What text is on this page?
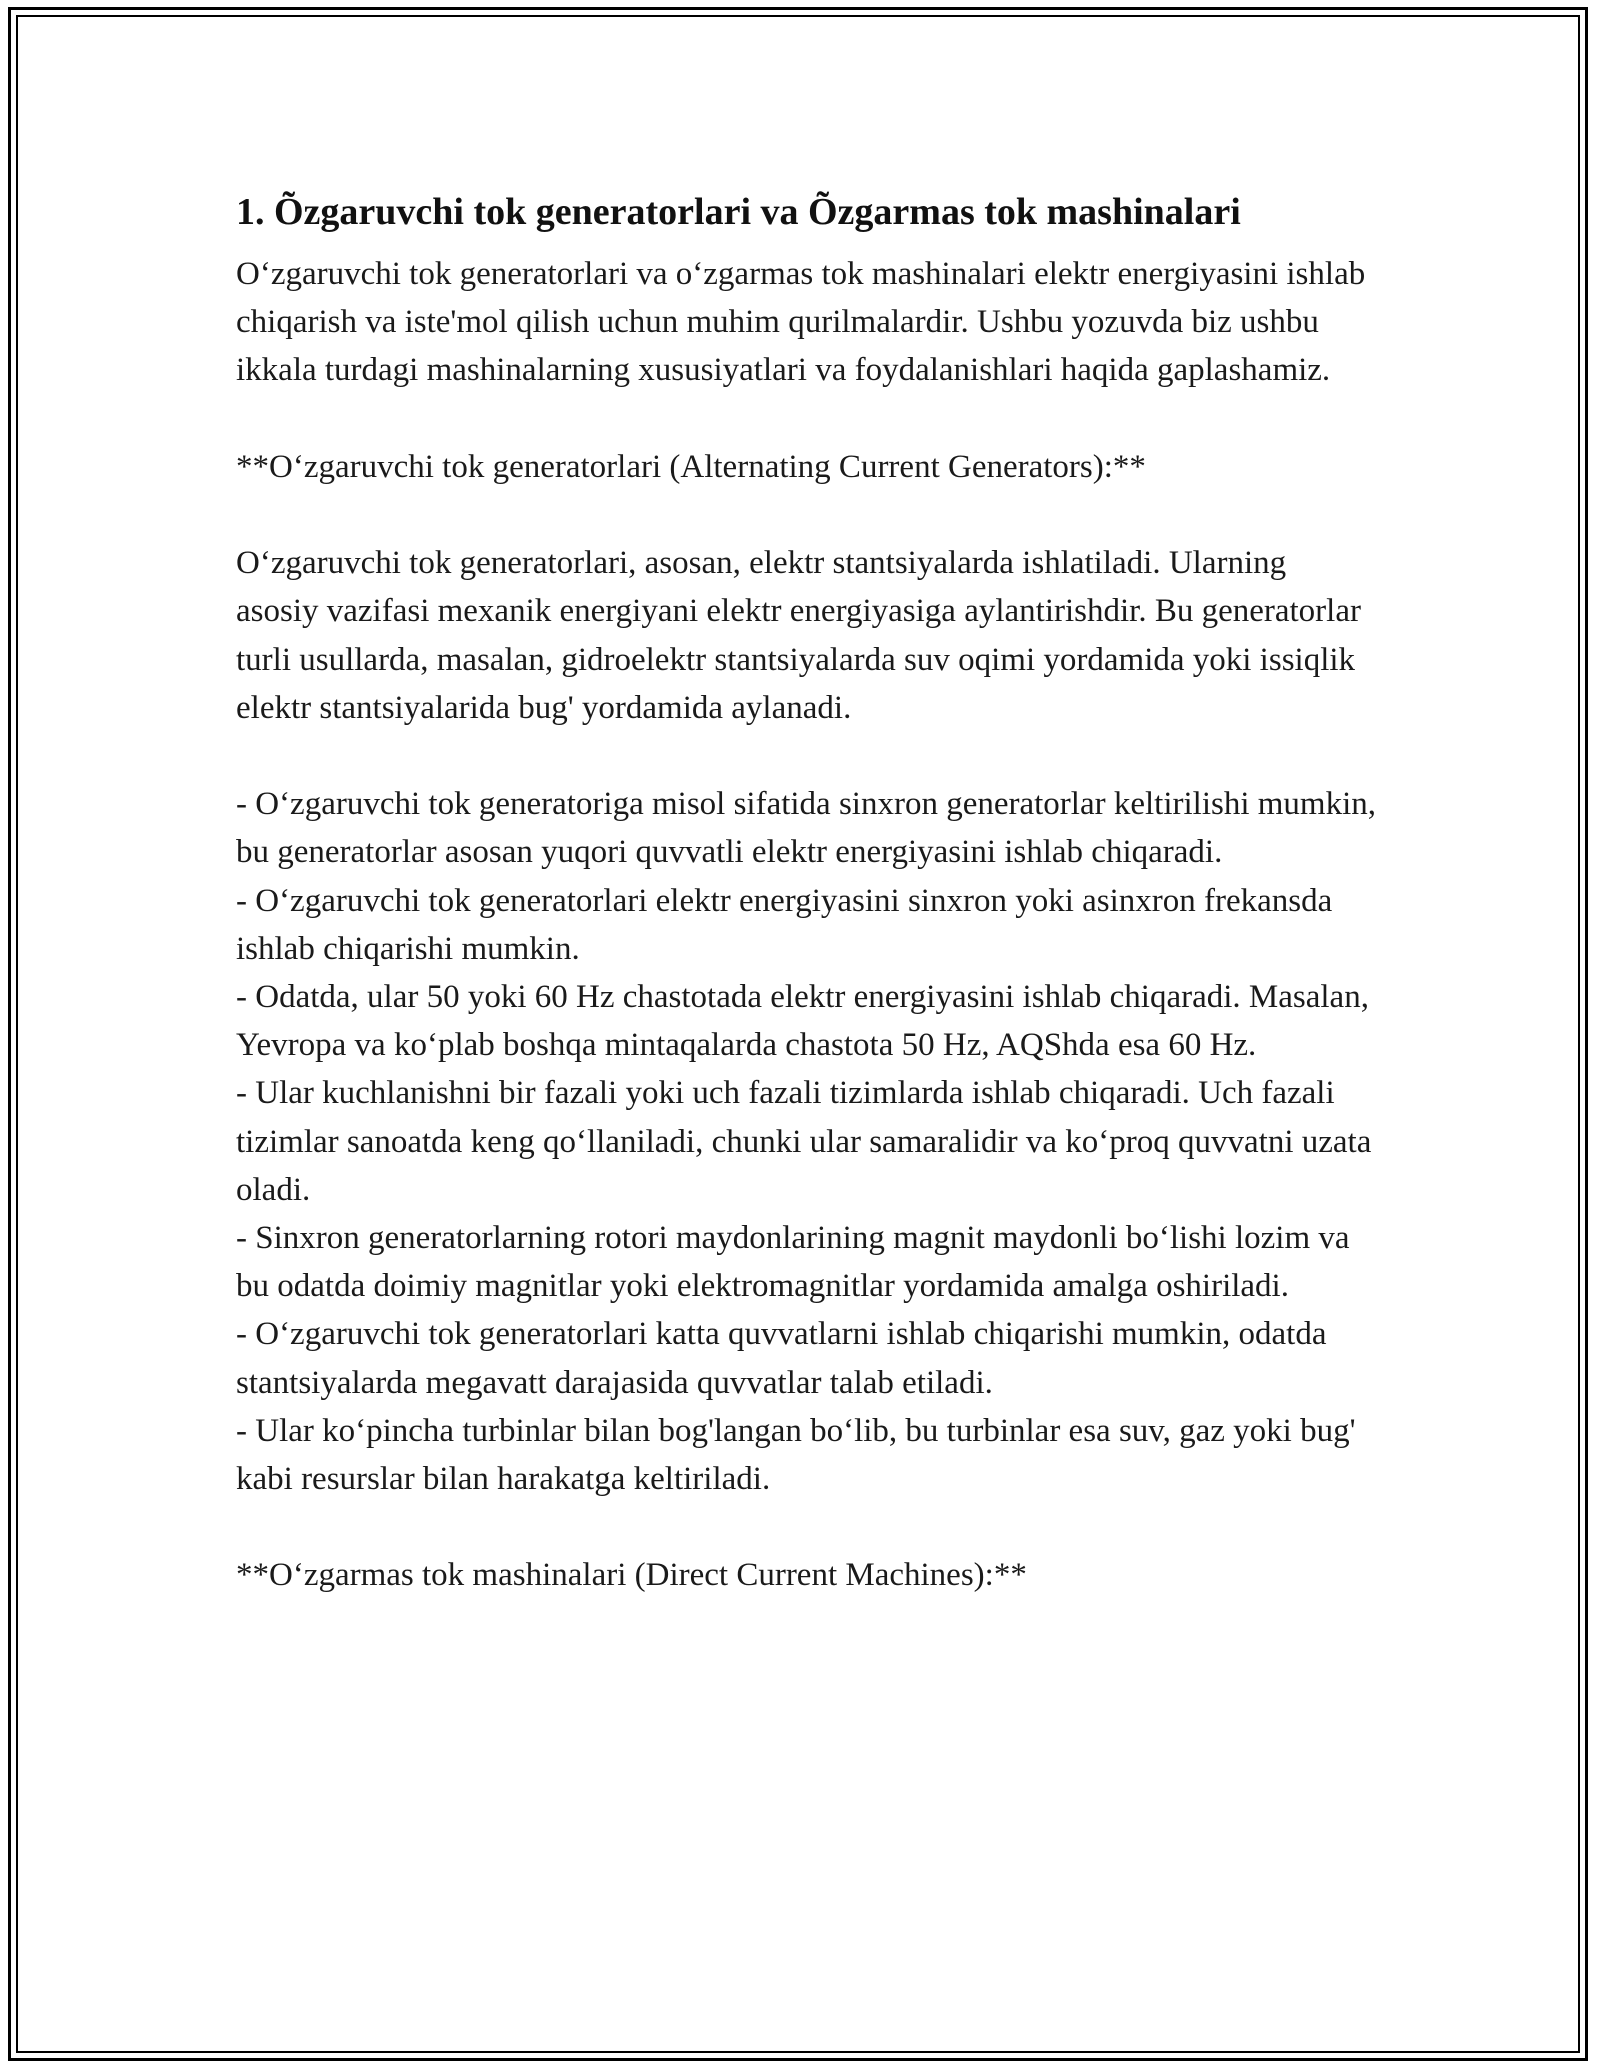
1. Õzgaruvchi tok generatorlari va Õzgarmas tok mashinalari

O‘zgaruvchi tok generatorlari va o‘zgarmas tok mashinalari elektr energiyasini ishlab chiqarish va iste'mol qilish uchun muhim qurilmalardir. Ushbu yozuvda biz ushbu ikkala turdagi mashinalarning xususiyatlari va foydalanishlari haqida gaplashamiz.

**O‘zgaruvchi tok generatorlari (Alternating Current Generators):**

O‘zgaruvchi tok generatorlari, asosan, elektr stantsiyalarda ishlatiladi. Ularning asosiy vazifasi mexanik energiyani elektr energiyasiga aylantirishdir. Bu generatorlar turli usullarda, masalan, gidroelektr stantsiyalarda suv oqimi yordamida yoki issiqlik elektr stantsiyalarida bug' yordamida aylanadi.

- O‘zgaruvchi tok generatoriga misol sifatida sinxron generatorlar keltirilishi mumkin, bu generatorlar asosan yuqori quvvatli elektr energiyasini ishlab chiqaradi.

- O‘zgaruvchi tok generatorlari elektr energiyasini sinxron yoki asinxron frekansda ishlab chiqarishi mumkin.

- Odatda, ular 50 yoki 60 Hz chastotada elektr energiyasini ishlab chiqaradi. Masalan, Yevropa va ko‘plab boshqa mintaqalarda chastota 50 Hz, AQShda esa 60 Hz.

- Ular kuchlanishni bir fazali yoki uch fazali tizimlarda ishlab chiqaradi. Uch fazali tizimlar sanoatda keng qo‘llaniladi, chunki ular samaralidir va ko‘proq quvvatni uzata oladi.

- Sinxron generatorlarning rotori maydonlarining magnit maydonli bo‘lishi lozim va bu odatda doimiy magnitlar yoki elektromagnitlar yordamida amalga oshiriladi.

- O‘zgaruvchi tok generatorlari katta quvvatlarni ishlab chiqarishi mumkin, odatda stantsiyalarda megavatt darajasida quvvatlar talab etiladi.

- Ular ko‘pincha turbinlar bilan bog'langan bo‘lib, bu turbinlar esa suv, gaz yoki bug' kabi resurslar bilan harakatga keltiriladi.

**O‘zgarmas tok mashinalari (Direct Current Machines):**
